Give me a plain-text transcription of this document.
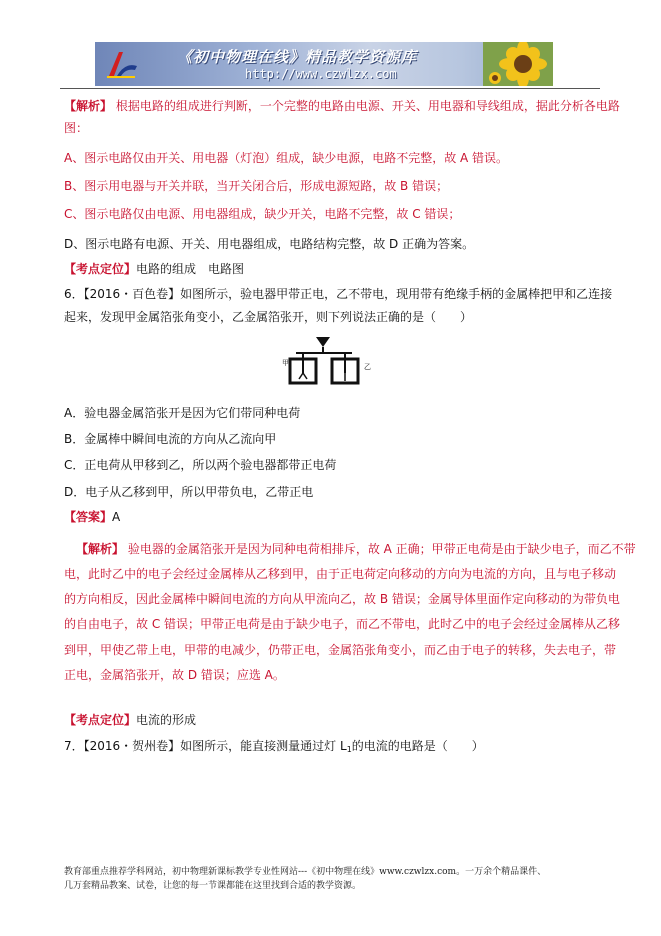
《初中物理在线》精品教学资源库
http://www.czwlzx.com
【解析】 根据电路的组成进行判断，一个完整的电路由电源、开关、用电器和导线组成，据此分析各电路
图：
A、图示电路仅由开关、用电器（灯泡）组成，缺少电源，电路不完整，故 A 错误。
B、图示用电器与开关并联，当开关闭合后，形成电源短路，故 B 错误；
C、图示电路仅由电源、用电器组成，缺少开关，电路不完整，故 C 错误；
D、图示电路有电源、开关、用电器组成，电路结构完整，故 D 正确为答案。
【考点定位】电路的组成　电路图
6．【2016・百色卷】如图所示，验电器甲带正电，乙不带电，现用带有绝缘手柄的金属棒把甲和乙连接
起来，发现甲金属箔张角变小，乙金属箔张开，则下列说法正确的是（　　）
甲	乙
A．验电器金属箔张开是因为它们带同种电荷
B．金属棒中瞬间电流的方向从乙流向甲
C．正电荷从甲移到乙，所以两个验电器都带正电荷
D．电子从乙移到甲，所以甲带负电，乙带正电
【答案】A
【解析】 验电器的金属箔张开是因为同种电荷相排斥，故 A 正确；甲带正电荷是由于缺少电子，而乙不带
电，此时乙中的电子会经过金属棒从乙移到甲，由于正电荷定向移动的方向为电流的方向，且与电子移动
的方向相反，因此金属棒中瞬间电流的方向从甲流向乙，故 B 错误；金属导体里面作定向移动的为带负电
的自由电子，故 C 错误；甲带正电荷是由于缺少电子，而乙不带电，此时乙中的电子会经过金属棒从乙移
到甲，甲使乙带上电，甲带的电减少，仍带正电，金属箔张角变小，而乙由于电子的转移，失去电子，带
正电，金属箔张开，故 D 错误；应选 A。
【考点定位】电流的形成
7．【2016・贺州卷】如图所示，能直接测量通过灯 $L_1$的电流的电路是（　　）
教育部重点推荐学科网站，初中物理新课标教学专业性网站---《初中物理在线》www.czwlzx.com。一万余个精品课件、
几万套精品教案、试卷，让您的每一节课都能在这里找到合适的教学资源。
